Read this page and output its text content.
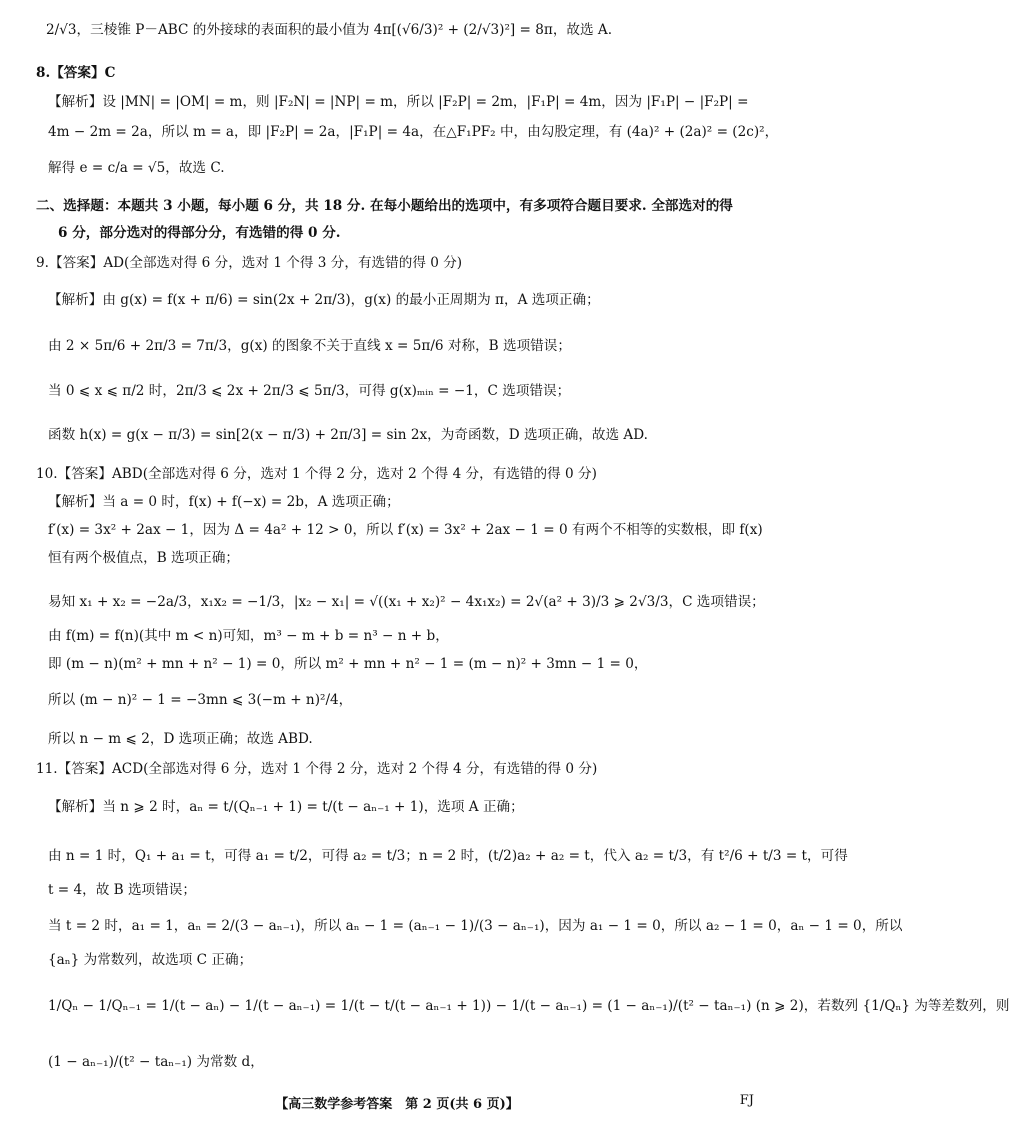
2/√3，三棱锥 P－ABC 的外接球的表面积的最小值为 4π[(√6/3)² + (2/√3)²] = 8π，故选 A.
8.【答案】C
【解析】设 |MN| = |OM| = m，则 |F₂N| = |NP| = m，所以 |F₂P| = 2m，|F₁P| = 4m，因为 |F₁P| − |F₂P| =
4m − 2m = 2a，所以 m = a，即 |F₂P| = 2a，|F₁P| = 4a，在△F₁PF₂ 中，由勾股定理，有 (4a)² + (2a)² = (2c)²，
解得 e = c/a = √5，故选 C.
二、选择题：本题共 3 小题，每小题 6 分，共 18 分. 在每小题给出的选项中，有多项符合题目要求. 全部选对的得
6 分，部分选对的得部分分，有选错的得 0 分.
9.【答案】AD(全部选对得 6 分，选对 1 个得 3 分，有选错的得 0 分)
【解析】由 g(x) = f(x + π/6) = sin(2x + 2π/3)，g(x) 的最小正周期为 π，A 选项正确；
由 2 × 5π/6 + 2π/3 = 7π/3，g(x) 的图象不关于直线 x = 5π/6 对称，B 选项错误；
当 0 ⩽ x ⩽ π/2 时，2π/3 ⩽ 2x + 2π/3 ⩽ 5π/3，可得 g(x)ₘᵢₙ = −1，C 选项错误；
函数 h(x) = g(x − π/3) = sin[2(x − π/3) + 2π/3] = sin 2x，为奇函数，D 选项正确，故选 AD.
10.【答案】ABD(全部选对得 6 分，选对 1 个得 2 分，选对 2 个得 4 分，有选错的得 0 分)
【解析】当 a = 0 时，f(x) + f(−x) = 2b，A 选项正确；
f′(x) = 3x² + 2ax − 1，因为 Δ = 4a² + 12 > 0，所以 f′(x) = 3x² + 2ax − 1 = 0 有两个不相等的实数根，即 f(x)
恒有两个极值点，B 选项正确；
易知 x₁ + x₂ = −2a/3，x₁x₂ = −1/3，|x₂ − x₁| = √((x₁ + x₂)² − 4x₁x₂) = 2√(a² + 3)/3 ⩾ 2√3/3，C 选项错误；
由 f(m) = f(n)(其中 m < n)可知，m³ − m + b = n³ − n + b，
即 (m − n)(m² + mn + n² − 1) = 0，所以 m² + mn + n² − 1 = (m − n)² + 3mn − 1 = 0，
所以 (m − n)² − 1 = −3mn ⩽ 3(−m + n)²/4，
所以 n − m ⩽ 2，D 选项正确；故选 ABD.
11.【答案】ACD(全部选对得 6 分，选对 1 个得 2 分，选对 2 个得 4 分，有选错的得 0 分)
【解析】当 n ⩾ 2 时，aₙ = t/(Qₙ₋₁ + 1) = t/(t − aₙ₋₁ + 1)，选项 A 正确；
由 n = 1 时，Q₁ + a₁ = t，可得 a₁ = t/2，可得 a₂ = t/3；n = 2 时，(t/2)a₂ + a₂ = t，代入 a₂ = t/3，有 t²/6 + t/3 = t，可得
t = 4，故 B 选项错误；
当 t = 2 时，a₁ = 1，aₙ = 2/(3 − aₙ₋₁)，所以 aₙ − 1 = (aₙ₋₁ − 1)/(3 − aₙ₋₁)，因为 a₁ − 1 = 0，所以 a₂ − 1 = 0，aₙ − 1 = 0，所以
{aₙ} 为常数列，故选项 C 正确；
1/Qₙ − 1/Qₙ₋₁ = 1/(t − aₙ) − 1/(t − aₙ₋₁) = 1/(t − t/(t − aₙ₋₁ + 1)) − 1/(t − aₙ₋₁) = (1 − aₙ₋₁)/(t² − taₙ₋₁) (n ⩾ 2)，若数列 {1/Qₙ} 为等差数列，则
(1 − aₙ₋₁)/(t² − taₙ₋₁) 为常数 d，
【高三数学参考答案　第 2 页(共 6 页)】	FJ
